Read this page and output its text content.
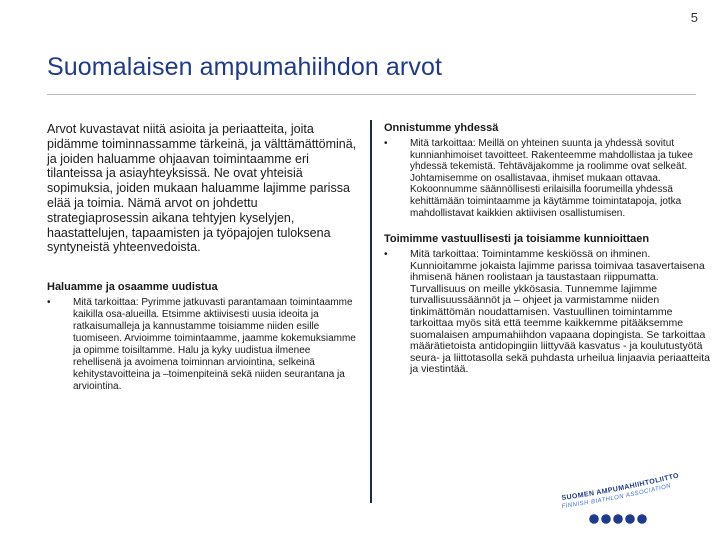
5
Suomalaisen ampumahiihdon arvot

Arvot kuvastavat niitä asioita ja periaatteita, joita pidämme toiminnassamme tärkeinä, ja välttämättöminä, ja joiden haluamme ohjaavan toimintaamme eri tilanteissa ja asiayhteyksissä. Ne ovat yhteisiä sopimuksia, joiden mukaan haluamme lajimme parissa elää ja toimia. Nämä arvot on johdettu strategiaprosessin aikana tehtyjen kyselyjen, haastattelujen, tapaamisten ja työpajojen tuloksena syntyneistä yhteenvedoista.

Haluamme ja osaamme uudistua
•	Mitä tarkoittaa: Pyrimme jatkuvasti parantamaan toimintaamme kaikilla osa-alueilla. Etsimme aktiivisesti uusia ideoita ja ratkaisumalleja ja kannustamme toisiamme niiden esille tuomiseen. Arvioimme toimintaamme, jaamme kokemuksiamme ja opimme toisiltamme. Halu ja kyky uudistua ilmenee rehellisenä ja avoimena toiminnan arviointina, selkeinä kehitystavoitteina ja –toimenpiteinä sekä niiden seurantana ja arviointina.

Onnistumme yhdessä
•	Mitä tarkoittaa: Meillä on yhteinen suunta ja yhdessä sovitut kunnianhimoiset tavoitteet. Rakenteemme mahdollistaa ja tukee yhdessä tekemistä. Tehtäväjakomme ja roolimme ovat selkeät. Johtamisemme on osallistavaa, ihmiset mukaan ottavaa. Kokoonnumme säännöllisesti erilaisilla foorumeilla yhdessä kehittämään toimintaamme ja käytämme toimintatapoja, jotka mahdollistavat kaikkien aktiivisen osallistumisen.

Toimimme vastuullisesti ja toisiamme kunnioittaen
•	Mitä tarkoittaa: Toimintamme keskiössä on ihminen. Kunnioitamme jokaista lajimme parissa toimivaa tasavertaisena ihmisenä hänen roolistaan ja taustastaan riippumatta. Turvallisuus on meille ykkösasia. Tunnemme lajimme turvallisuussäännöt ja – ohjeet ja varmistamme niiden tinkimättömän noudattamisen. Vastuullinen toimintamme tarkoittaa myös sitä että teemme kaikkemme pitääksemme suomalaisen ampumahiihdon vapaana dopingista. Se tarkoittaa määrätietoista antidopingiin liittyvää kasvatus - ja koulutustyötä seura- ja liittotasolla sekä puhdasta urheilua linjaavia periaatteita ja viestintää.

SUOMEN AMPUMAHIIHTOLIITTO
FINNISH BIATHLON ASSOCIATION
